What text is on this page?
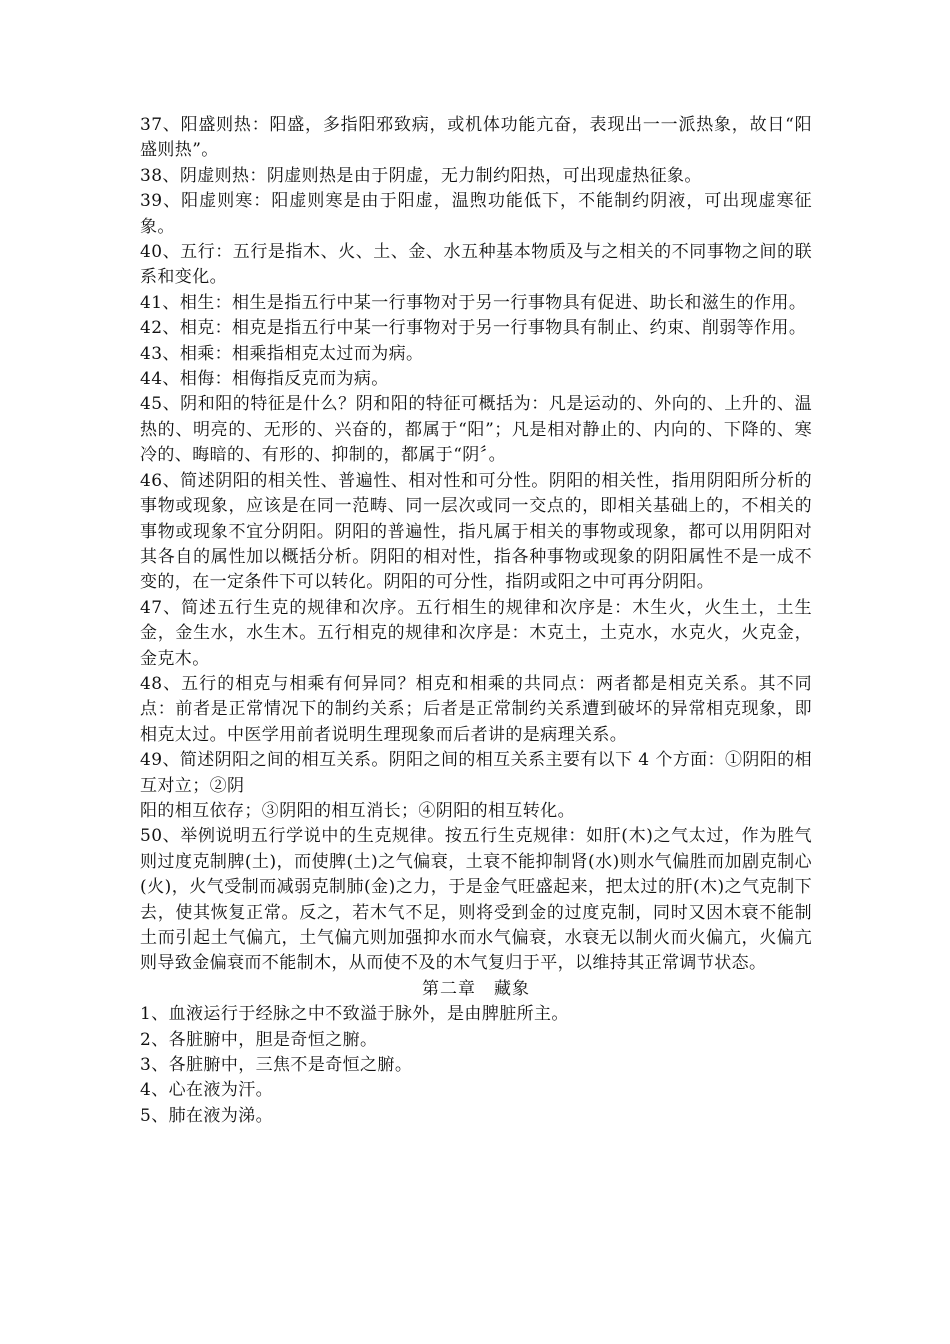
37、阳盛则热：阳盛，多指阳邪致病，或机体功能亢奋，表现出一一派热象，故日“阳盛则热”。

38、阴虚则热：阴虚则热是由于阴虚，无力制约阳热，可出现虚热征象。

39、阳虚则寒：阳虚则寒是由于阳虚，温煦功能低下，不能制约阴液，可出现虚寒征象。

40、五行：五行是指木、火、土、金、水五种基本物质及与之相关的不同事物之间的联系和变化。

41、相生：相生是指五行中某一行事物对于另一行事物具有促进、助长和滋生的作用。

42、相克：相克是指五行中某一行事物对于另一行事物具有制止、约束、削弱等作用。

43、相乘：相乘指相克太过而为病。

44、相侮：相侮指反克而为病。

45、阴和阳的特征是什么？阴和阳的特征可概括为：凡是运动的、外向的、上升的、温热的、明亮的、无形的、兴奋的，都属于“阳”；凡是相对静止的、内向的、下降的、寒冷的、晦暗的、有形的、抑制的，都属于“阴〞。

46、简述阴阳的相关性、普遍性、相对性和可分性。阴阳的相关性，指用阴阳所分析的事物或现象，应该是在同一范畴、同一层次或同一交点的，即相关基础上的，不相关的事物或现象不宜分阴阳。阴阳的普遍性，指凡属于相关的事物或现象，都可以用阴阳对其各自的属性加以概括分析。阴阳的相对性，指各种事物或现象的阴阳属性不是一成不变的，在一定条件下可以转化。阴阳的可分性，指阴或阳之中可再分阴阳。

47、简述五行生克的规律和次序。五行相生的规律和次序是：木生火，火生土，土生金，金生水，水生木。五行相克的规律和次序是：木克土，土克水，水克火，火克金，金克木。

48、五行的相克与相乘有何异同？相克和相乘的共同点：两者都是相克关系。其不同点：前者是正常情况下的制约关系；后者是正常制约关系遭到破坏的异常相克现象，即相克太过。中医学用前者说明生理现象而后者讲的是病理关系。

49、简述阴阳之间的相互关系。阴阳之间的相互关系主要有以下 4 个方面：①阴阳的相互对立；②阴

阳的相互依存；③阴阳的相互消长；④阴阳的相互转化。

50、举例说明五行学说中的生克规律。按五行生克规律：如肝(木)之气太过，作为胜气则过度克制脾(土)，而使脾(土)之气偏衰，土衰不能抑制肾(水)则水气偏胜而加剧克制心(火)，火气受制而减弱克制肺(金)之力，于是金气旺盛起来，把太过的肝(木)之气克制下去，使其恢复正常。反之，若木气不足，则将受到金的过度克制，同时又因木衰不能制土而引起土气偏亢，土气偏亢则加强抑水而水气偏衰，水衰无以制火而火偏亢，火偏亢则导致金偏衰而不能制木，从而使不及的木气复归于平，以维持其正常调节状态。

第二章　藏象

1、血液运行于经脉之中不致溢于脉外，是由脾脏所主。

2、各脏腑中，胆是奇恒之腑。

3、各脏腑中，三焦不是奇恒之腑。

4、心在液为汗。

5、肺在液为涕。
